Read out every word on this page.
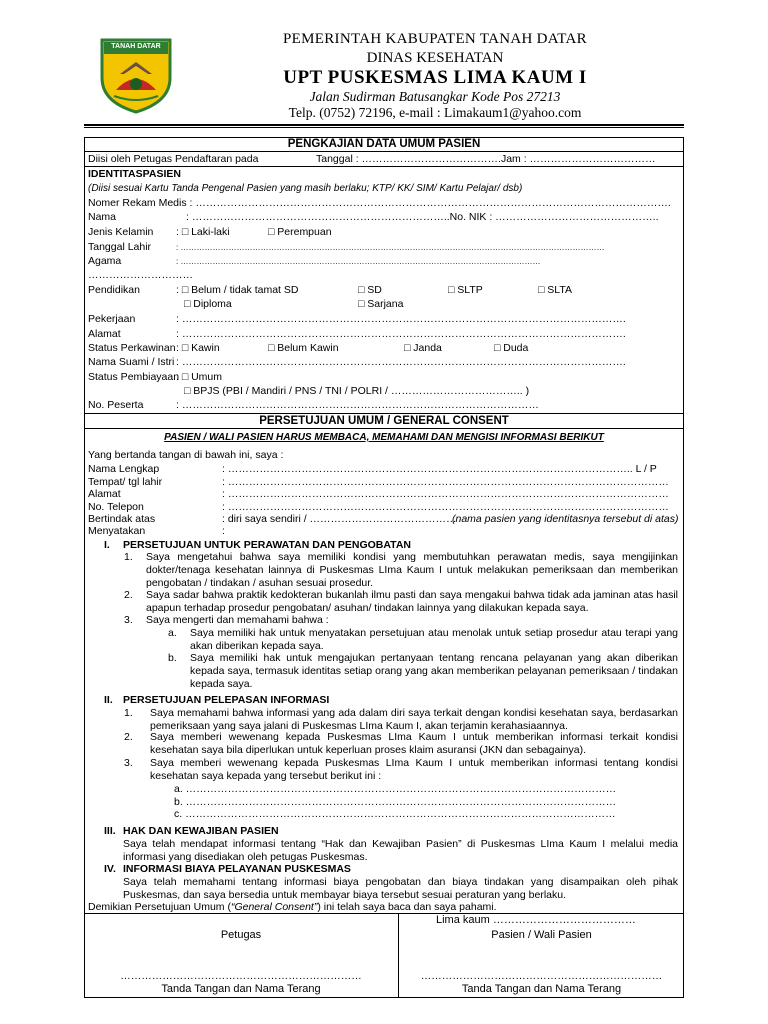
TANAH DATAR	PEMERINTAH KABUPATEN TANAH DATAR
DINAS KESEHATAN
UPT PUSKESMAS LIMA KAUM I
Jalan Sudirman Batusangkar Kode Pos 27213
Telp. (0752) 72196, e-mail : Limakaum1@yahoo.com
PENGKAJIAN DATA UMUM PASIEN
Diisi oleh Petugas Pendaftaran pada	Tanggal : ………………………………….Jam : ………………………………
IDENTITASPASIEN
(Diisi sesuai Kartu Tanda Pengenal Pasien yang masih berlaku; KTP/ KK/ SIM/ Kartu Pelajar/ dsb)
Nomer Rekam Medis : ……………………………………………………………………………………………………………………….
Nama	: ………………………………………………………………..No. NIK : ………………………………………..
Jenis Kelamin : □ Laki-laki	□ Perempuan
Tanggal Lahir	: ……………………………………………………………………………………………………………………………………………
Agama	: ………………………………………………………………………………………………………………………
…………………………
Pendidikan	: □ Belum / tidak tamat SD	□ SD	□ SLTP	□ SLTA
□ Diploma	□ Sarjana
Pekerjaan	: ……………………………………………………………………………………………………………….
Alamat	: ……………………………………………………………………………………………………………….
Status Perkawinan : □ Kawin	□ Belum Kawin	□ Janda	□ Duda
Nama Suami / Istri : ……………………………………………………………………………………………………………….
Status Pembiayaan
: □ Umum
□ BPJS (PBI / Mandiri / PNS / TNI / POLRI / ……………………………….. )
No. Peserta	: …………………………………………………………………………………………
PERSETUJUAN UMUM / GENERAL CONSENT
PASIEN / WALI PASIEN HARUS MEMBACA, MEMAHAMI DAN MENGISI INFORMASI BERIKUT
Yang bertanda tangan di bawah ini, saya :
Nama Lengkap	: …………………………………………………………………………………………………….. L / P
Tempat/ tgl lahir	: ………………………………………………………………………………………………………………
Alamat	: ………………………………………………………………………………………………………………
No. Telepon	: ………………………………………………………………………………………………………………
Bertindak atas	: diri saya sendiri / ……………………………………
(nama pasien yang identitasnya tersebut di atas)
Menyatakan	:
I. PERSETUJUAN UNTUK PERAWATAN DAN PENGOBATAN
1. Saya mengetahui bahwa saya memiliki kondisi yang membutuhkan perawatan medis, saya mengijinkan dokter/tenaga kesehatan lainnya di Puskesmas LIma Kaum I untuk melakukan pemeriksaan dan memberikan pengobatan / tindakan / asuhan sesuai prosedur.
2. Saya sadar bahwa praktik kedokteran bukanlah ilmu pasti dan saya mengakui bahwa tidak ada jaminan atas hasil apapun terhadap prosedur pengobatan/ asuhan/ tindakan lainnya yang dilakukan kepada saya.
3. Saya mengerti dan memahami bahwa :
a. Saya memiliki hak untuk menyatakan persetujuan atau menolak untuk setiap prosedur atau terapi yang akan diberikan kepada saya.
b. Saya memiliki hak untuk mengajukan pertanyaan tentang rencana pelayanan yang akan diberikan kepada saya, termasuk identitas setiap orang yang akan memberikan pelayanan pemeriksaan / tindakan kepada saya.
II. PERSETUJUAN PELEPASAN INFORMASI
1. Saya memahami bahwa informasi yang ada dalam diri saya terkait dengan kondisi kesehatan saya, berdasarkan pemeriksaan yang saya jalani di Puskesmas LIma Kaum I, akan terjamin kerahasiaannya.
2. Saya memberi wewenang kepada Puskesmas LIma Kaum I untuk memberikan informasi terkait kondisi kesehatan saya bila diperlukan untuk keperluan proses klaim asuransi (JKN dan sebagainya).
3. Saya memberi wewenang kepada Puskesmas LIma Kaum I untuk memberikan informasi tentang kondisi kesehatan saya kepada yang tersebut berikut ini :
a. ……………………………………………………………………………………………………………
b. ……………………………………………………………………………………………………………
c. ……………………………………………………………………………………………………………
III. HAK DAN KEWAJIBAN PASIEN
Saya telah mendapat informasi tentang “Hak dan Kewajiban Pasien” di Puskesmas LIma Kaum I melalui media informasi yang disediakan oleh petugas Puskesmas.
IV. INFORMASI BIAYA PELAYANAN PUSKESMAS
Saya telah memahami tentang informasi biaya pengobatan dan biaya tindakan yang disampaikan oleh pihak Puskesmas, dan saya bersedia untuk membayar biaya tersebut sesuai peraturan yang berlaku.
Demikian Persetujuan Umum (“General Consent”) ini telah saya baca dan saya pahami.
Lima kaum …………………………………
Petugas	Pasien / Wali Pasien
……………………………………………………………	……………………………………………………………
Tanda Tangan dan Nama Terang	Tanda Tangan dan Nama Terang
